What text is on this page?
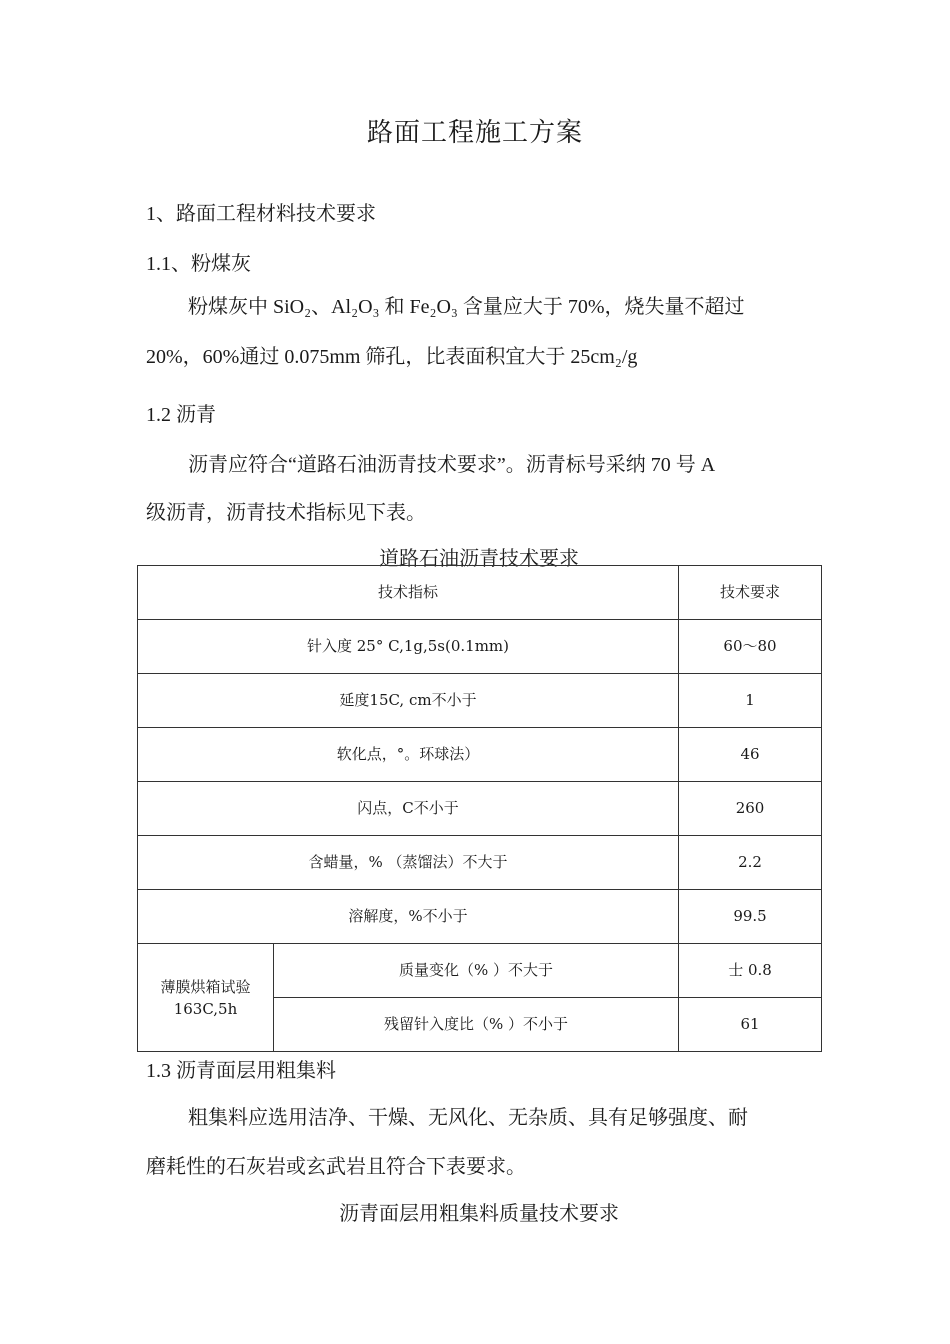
路面工程施工方案
1、路面工程材料技术要求
1.1、粉煤灰
粉煤灰中 SiO₂、Al₂O₃ 和 Fe₂O₃ 含量应大于 70%，烧失量不超过
20%，60%通过 0.075mm 筛孔，比表面积宜大于 25cm₂/g
1.2 沥青
沥青应符合“道路石油沥青技术要求”。沥青标号采纳 70 号 A
级沥青，沥青技术指标见下表。
道路石油沥青技术要求
技术指标		技术要求
针入度 25° C,1g,5s(0.1mm)		60〜80
延度15C, cm不小于		1
软化点，°。环球法）		46
闪点，C不小于		260
含蜡量，% （蒸馏法）不大于		2.2
溶解度，%不小于		99.5

薄膜烘箱试验
163C,5h	质量变化（% ）不大于	士 0.8
	残留针入度比（% ）不小于	61
1.3 沥青面层用粗集料
粗集料应选用洁净、干燥、无风化、无杂质、具有足够强度、耐
磨耗性的石灰岩或玄武岩且符合下表要求。
沥青面层用粗集料质量技术要求
